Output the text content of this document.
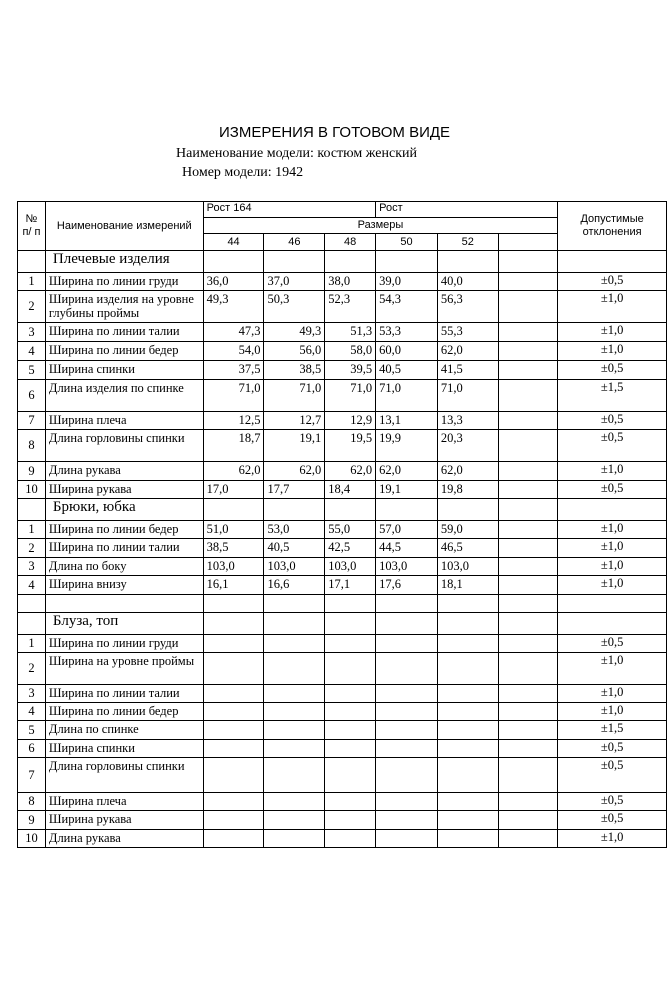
ИЗМЕРЕНИЯ В ГОТОВОМ ВИДЕ
Наименование модели: костюм женский
Номер модели: 1942
№ п/ п	Наименование измерений	Рост 164			Рост			Допустимые отклонения
		Размеры						
		44	46	48	50	52		
	Плечевые изделия							
1	Ширина по линии груди	36,0	37,0	38,0	39,0	40,0		±0,5
2	Ширина изделия на уровне глубины проймы	49,3	50,3	52,3	54,3	56,3		±1,0
3	Ширина по линии талии	47,3	49,3	51,3	53,3	55,3		±1,0
4	Ширина по линии бедер	54,0	56,0	58,0	60,0	62,0		±1,0
5	Ширина спинки	37,5	38,5	39,5	40,5	41,5		±0,5
6	Длина изделия по спинке	71,0	71,0	71,0	71,0	71,0		±1,5
7	Ширина плеча	12,5	12,7	12,9	13,1	13,3		±0,5
8	Длина горловины спинки	18,7	19,1	19,5	19,9	20,3		±0,5
9	Длина рукава	62,0	62,0	62,0	62,0	62,0		±1,0
10	Ширина рукава	17,0	17,7	18,4	19,1	19,8		±0,5
	Брюки, юбка							
1	Ширина по линии бедер	51,0	53,0	55,0	57,0	59,0		±1,0
2	Ширина по линии талии	38,5	40,5	42,5	44,5	46,5		±1,0
3	Длина по боку	103,0	103,0	103,0	103,0	103,0		±1,0
4	Ширина внизу	16,1	16,6	17,1	17,6	18,1		±1,0

	Блуза, топ							
1	Ширина по линии груди							±0,5
2	Ширина на уровне проймы							±1,0
3	Ширина по линии талии							±1,0
4	Ширина по линии бедер							±1,0
5	Длина по спинке							±1,5
6	Ширина спинки							±0,5
7	Длина горловины спинки							±0,5
8	Ширина плеча							±0,5
9	Ширина рукава							±0,5
10	Длина рукава							±1,0
